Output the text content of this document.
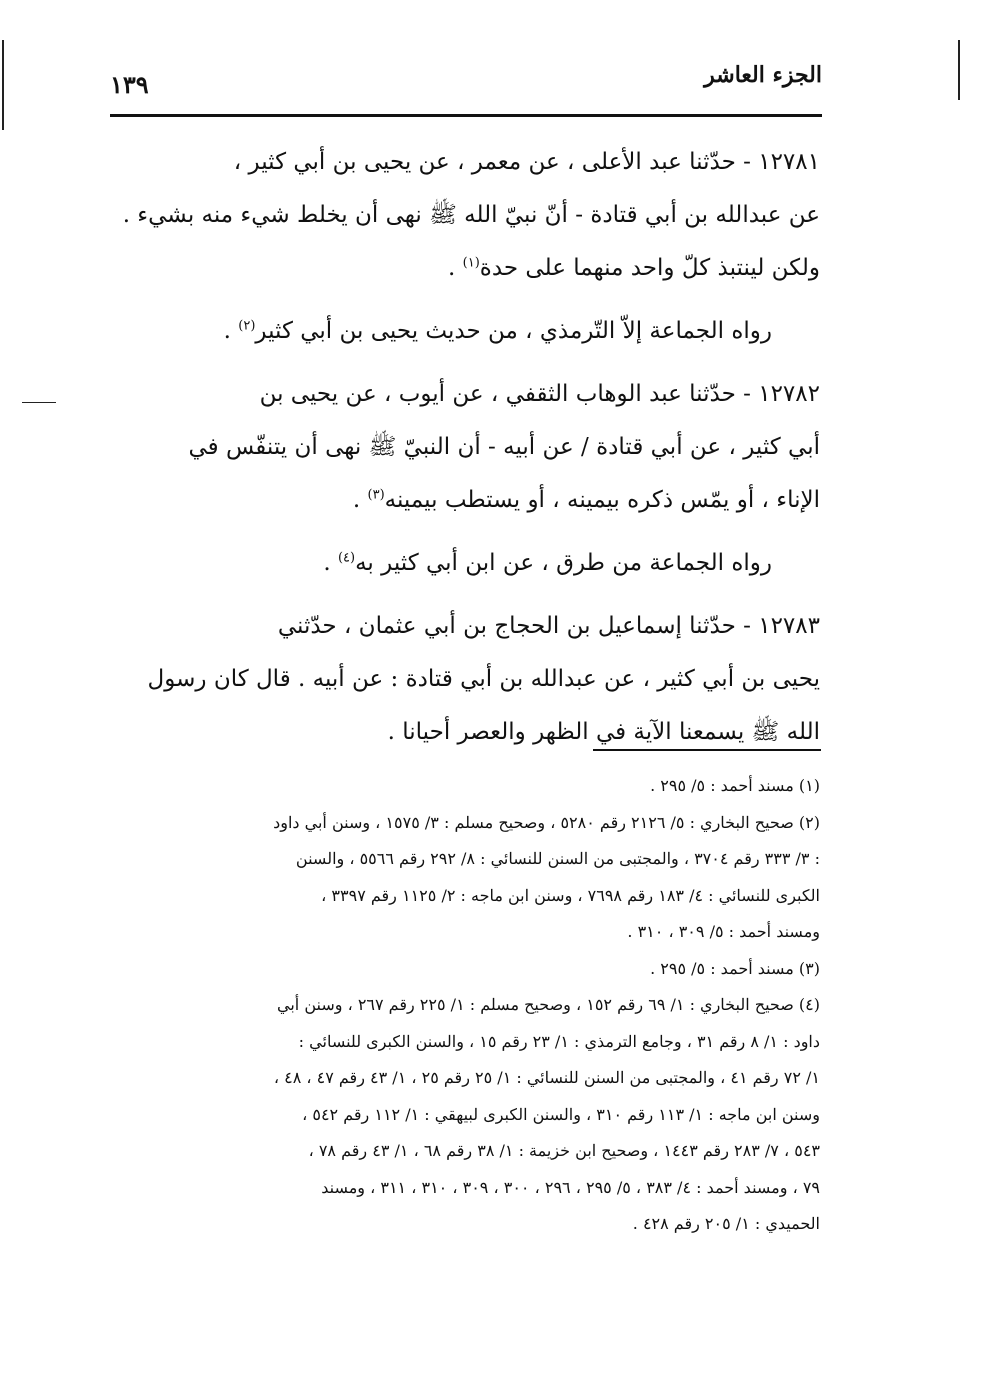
الجزء العاشر
١٣٩

١٢٧٨١ - حدّثنا عبد الأعلى ، عن معمر ، عن يحيى بن أبي كثير ،
عن عبدالله بن أبي قتادة - أنّ نبيّ الله ﷺ نهى أن يخلط شيء منه بشيء .
ولكن لينتبذ كلّ واحد منهما على حدة$^{(١)}$ .

رواه الجماعة إلاّ التّرمذي ، من حديث يحيى بن أبي كثير$^{(٢)}$ .

١٢٧٨٢ - حدّثنا عبد الوهاب الثقفي ، عن أيوب ، عن يحيى بن
أبي كثير ، عن أبي قتادة / عن أبيه - أن النبيّ ﷺ نهى أن يتنفّس في
الإناء ، أو يمّس ذكره بيمينه ، أو يستطب بيمينه$^{(٣)}$ .

رواه الجماعة من طرق ، عن ابن أبي كثير به$^{(٤)}$ .

١٢٧٨٣ - حدّثنا إسماعيل بن الحجاج بن أبي عثمان ، حدّثني
يحيى بن أبي كثير ، عن عبدالله بن أبي قتادة : عن أبيه . قال كان رسول
الله ﷺ يسمعنا الآية في الظهر والعصر أحيانا .

(١) مسند أحمد : ٥/ ٢٩٥ .

(٢) صحيح البخاري : ٥/ ٢١٢٦ رقم ٥٢٨٠ ، وصحيح مسلم : ٣/ ١٥٧٥ ، وسنن أبي داود
: ٣/ ٣٣٣ رقم ٣٧٠٤ ، والمجتبى من السنن للنسائي : ٨/ ٢٩٢ رقم ٥٥٦٦ ، والسنن
الكبرى للنسائي : ٤/ ١٨٣ رقم ٧٦٩٨ ، وسنن ابن ماجه : ٢/ ١١٢٥ رقم ٣٣٩٧ ،
ومسند أحمد : ٥/ ٣٠٩ ، ٣١٠ .

(٣) مسند أحمد : ٥/ ٢٩٥ .

(٤) صحيح البخاري : ١/ ٦٩ رقم ١٥٢ ، وصحيح مسلم : ١/ ٢٢٥ رقم ٢٦٧ ، وسنن أبي
داود : ١/ ٨ رقم ٣١ ، وجامع الترمذي : ١/ ٢٣ رقم ١٥ ، والسنن الكبرى للنسائي :
١/ ٧٢ رقم ٤١ ، والمجتبى من السنن للنسائي : ١/ ٢٥ رقم ٢٥ ، ١/ ٤٣ رقم ٤٧ ، ٤٨ ،
وسنن ابن ماجه : ١/ ١١٣ رقم ٣١٠ ، والسنن الكبرى لبيهقي : ١/ ١١٢ رقم ٥٤٢ ،
٥٤٣ ، ٧/ ٢٨٣ رقم ١٤٤٣ ، وصحيح ابن خزيمة : ١/ ٣٨ رقم ٦٨ ، ١/ ٤٣ رقم ٧٨ ،
٧٩ ، ومسند أحمد : ٤/ ٣٨٣ ، ٥/ ٢٩٥ ، ٢٩٦ ، ٣٠٠ ، ٣٠٩ ، ٣١٠ ، ٣١١ ، ومسند
الحميدي : ١/ ٢٠٥ رقم ٤٢٨ .
